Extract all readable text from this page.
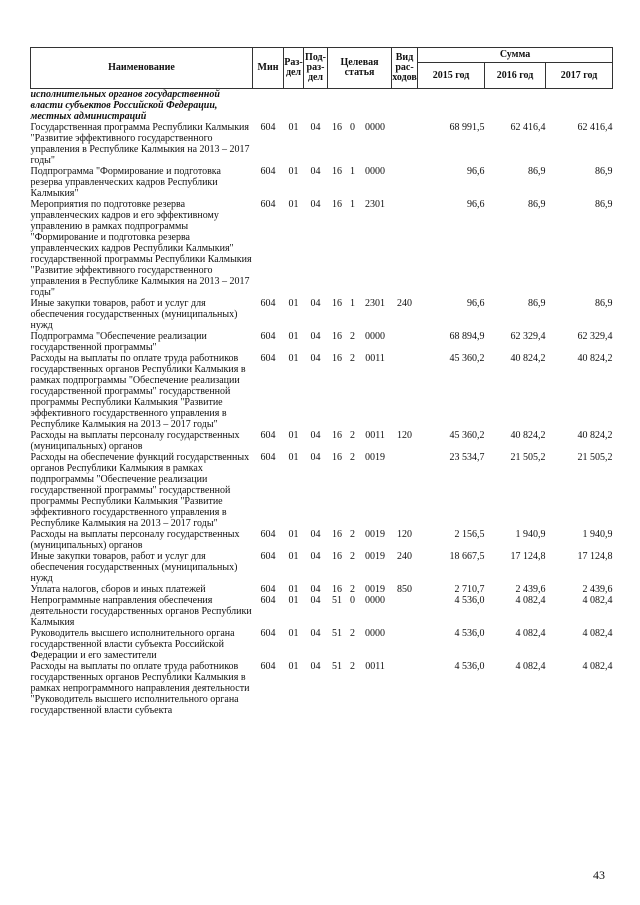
Наименование	Мин	Раз-дел	Под-раз-дел	Целевая статья			Вид рас-ходов	Сумма		
								2015 год	2016 год	2017 год
исполнительных органов государственной власти субъектов Российской Федерации, местных администраций										
Государственная программа Республики Калмыкия "Развитие эффективного государственного управления в Республике Калмыкия на 2013 – 2017 годы"	604	01	04	16	0	0000		68 991,5	62 416,4	62 416,4
Подпрограмма "Формирование и подготовка резерва управленческих кадров Республики Калмыкия"	604	01	04	16	1	0000		96,6	86,9	86,9
Мероприятия по подготовке резерва управленческих кадров и его эффективному управлению в рамках подпрограммы "Формирование и подготовка резерва управленческих кадров Республики Калмыкия" государственной программы Республики Калмыкия "Развитие эффективного государственного управления в Республике Калмыкия на 2013 – 2017 годы"	604	01	04	16	1	2301		96,6	86,9	86,9
Иные закупки товаров, работ и услуг для обеспечения государственных (муниципальных) нужд	604	01	04	16	1	2301	240	96,6	86,9	86,9
Подпрограмма "Обеспечение реализации государственной программы"	604	01	04	16	2	0000		68 894,9	62 329,4	62 329,4
Расходы на выплаты по оплате труда работников государственных органов Республики Калмыкия в рамках подпрограммы "Обеспечение реализации государственной программы" государственной программы Республики Калмыкия "Развитие эффективного государственного управления в Республике Калмыкия на 2013 – 2017 годы"	604	01	04	16	2	0011		45 360,2	40 824,2	40 824,2
Расходы на выплаты персоналу государственных (муниципальных) органов	604	01	04	16	2	0011	120	45 360,2	40 824,2	40 824,2
Расходы на обеспечение функций государственных органов Республики Калмыкия в рамках подпрограммы "Обеспечение реализации государственной программы" государственной программы Республики Калмыкия "Развитие эффективного государственного управления в Республике Калмыкия на 2013 – 2017 годы"	604	01	04	16	2	0019		23 534,7	21 505,2	21 505,2
Расходы на выплаты персоналу государственных (муниципальных) органов	604	01	04	16	2	0019	120	2 156,5	1 940,9	1 940,9
Иные закупки товаров, работ и услуг для обеспечения государственных (муниципальных) нужд	604	01	04	16	2	0019	240	18 667,5	17 124,8	17 124,8
Уплата налогов, сборов и иных платежей	604	01	04	16	2	0019	850	2 710,7	2 439,6	2 439,6
Непрограммные направления обеспечения деятельности государственных органов Республики Калмыкия	604	01	04	51	0	0000		4 536,0	4 082,4	4 082,4
Руководитель высшего исполнительного органа государственной власти субъекта Российской Федерации и его заместители	604	01	04	51	2	0000		4 536,0	4 082,4	4 082,4
Расходы на выплаты по оплате труда работников государственных органов Республики Калмыкия в рамках непрограммного направления деятельности "Руководитель высшего исполнительного органа государственной власти субъекта	604	01	04	51	2	0011		4 536,0	4 082,4	4 082,4
43
